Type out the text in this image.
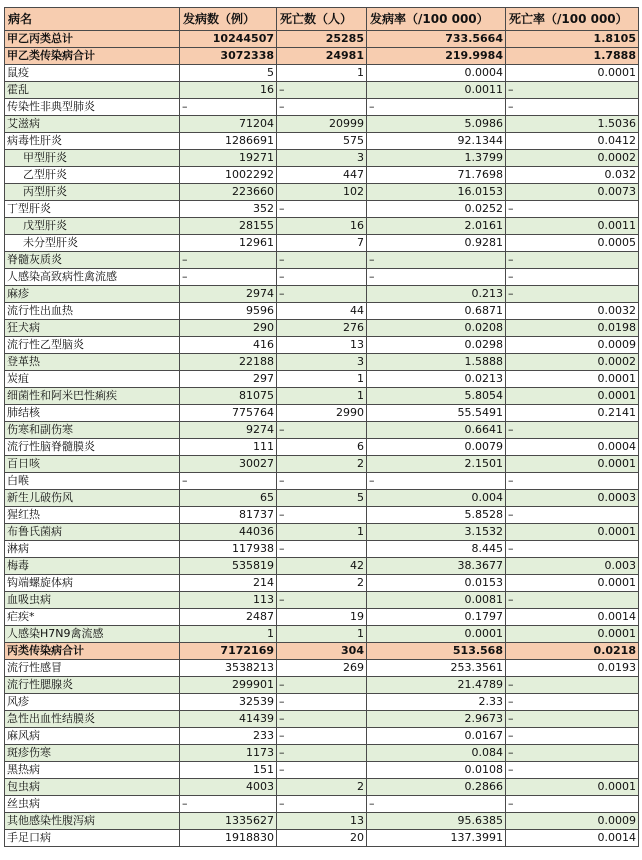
病名	发病数（例）	死亡数（人）	发病率（/100 000）	死亡率（/100 000）
甲乙丙类总计	10244507	25285	733.5664	1.8105
甲乙类传染病合计	3072338	24981	219.9984	1.7888
鼠疫	5	1	0.0004	0.0001
霍乱	16	–	0.0011	–
传染性非典型肺炎	–	–	–	–
艾滋病	71204	20999	5.0986	1.5036
病毒性肝炎	1286691	575	92.1344	0.0412
甲型肝炎	19271	3	1.3799	0.0002
乙型肝炎	1002292	447	71.7698	0.032
丙型肝炎	223660	102	16.0153	0.0073
丁型肝炎	352	–	0.0252	–
戊型肝炎	28155	16	2.0161	0.0011
未分型肝炎	12961	7	0.9281	0.0005
脊髓灰质炎	–	–	–	–
人感染高致病性禽流感	–	–	–	–
麻疹	2974	–	0.213	–
流行性出血热	9596	44	0.6871	0.0032
狂犬病	290	276	0.0208	0.0198
流行性乙型脑炎	416	13	0.0298	0.0009
登革热	22188	3	1.5888	0.0002
炭疽	297	1	0.0213	0.0001
细菌性和阿米巴性痢疾	81075	1	5.8054	0.0001
肺结核	775764	2990	55.5491	0.2141
伤寒和副伤寒	9274	–	0.6641	–
流行性脑脊髓膜炎	111	6	0.0079	0.0004
百日咳	30027	2	2.1501	0.0001
白喉	–	–	–	–
新生儿破伤风	65	5	0.004	0.0003
猩红热	81737	–	5.8528	–
布鲁氏菌病	44036	1	3.1532	0.0001
淋病	117938	–	8.445	–
梅毒	535819	42	38.3677	0.003
钩端螺旋体病	214	2	0.0153	0.0001
血吸虫病	113	–	0.0081	–
疟疾*	2487	19	0.1797	0.0014
人感染H7N9禽流感	1	1	0.0001	0.0001
丙类传染病合计	7172169	304	513.568	0.0218
流行性感冒	3538213	269	253.3561	0.0193
流行性腮腺炎	299901	–	21.4789	–
风疹	32539	–	2.33	–
急性出血性结膜炎	41439	–	2.9673	–
麻风病	233	–	0.0167	–
斑疹伤寒	1173	–	0.084	–
黑热病	151	–	0.0108	–
包虫病	4003	2	0.2866	0.0001
丝虫病	–	–	–	–
其他感染性腹泻病	1335627	13	95.6385	0.0009
手足口病	1918830	20	137.3991	0.0014
